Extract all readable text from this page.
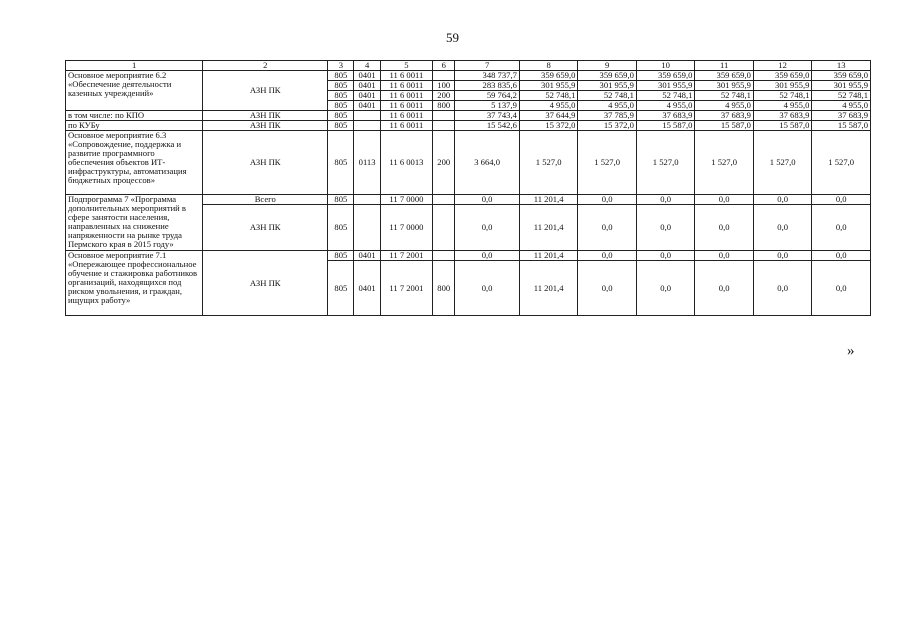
59
1	2	3	4	5	6	7	8	9	10	11	12	13
Основное мероприятие 6.2 «Обеспечение деятельности казенных учреждений»	АЗН ПК	805	0401	11 6 0011		348 737,7	359 659,0	359 659,0	359 659,0	359 659,0	359 659,0	359 659,0
		805	0401	11 6 0011	100	283 835,6	301 955,9	301 955,9	301 955,9	301 955,9	301 955,9	301 955,9
		805	0401	11 6 0011	200	59 764,2	52 748,1	52 748,1	52 748,1	52 748,1	52 748,1	52 748,1
		805	0401	11 6 0011	800	5 137,9	4 955,0	4 955,0	4 955,0	4 955,0	4 955,0	4 955,0
в том числе: по КПО	АЗН ПК	805		11 6 0011		37 743,4	37 644,9	37 785,9	37 683,9	37 683,9	37 683,9	37 683,9
по КУБу	АЗН ПК	805		11 6 0011		15 542,6	15 372,0	15 372,0	15 587,0	15 587,0	15 587,0	15 587,0
Основное мероприятие 6.3 «Сопровождение, поддержка и развитие программного обеспечения объектов ИТ-инфраструктуры, автоматизация бюджетных процессов»	АЗН ПК	805	0113	11 6 0013	200	3 664,0	1 527,0	1 527,0	1 527,0	1 527,0	1 527,0	1 527,0
Подпрограмма 7 «Программа дополнительных мероприятий в сфере занятости населения, направленных на снижение напряженности на рынке труда Пермского края в 2015 году»	Всего	805		11 7 0000		0,0	11 201,4	0,0	0,0	0,0	0,0	0,0
	АЗН ПК	805		11 7 0000		0,0	11 201,4	0,0	0,0	0,0	0,0	0,0
Основное мероприятие 7.1 «Опережающее профессиональное обучение и стажировка работников организаций, находящихся под риском увольнения, и граждан, ищущих работу»	АЗН ПК	805	0401	11 7 2001		0,0	11 201,4	0,0	0,0	0,0	0,0	0,0
		805	0401	11 7 2001	800	0,0	11 201,4	0,0	0,0	0,0	0,0	0,0
»
